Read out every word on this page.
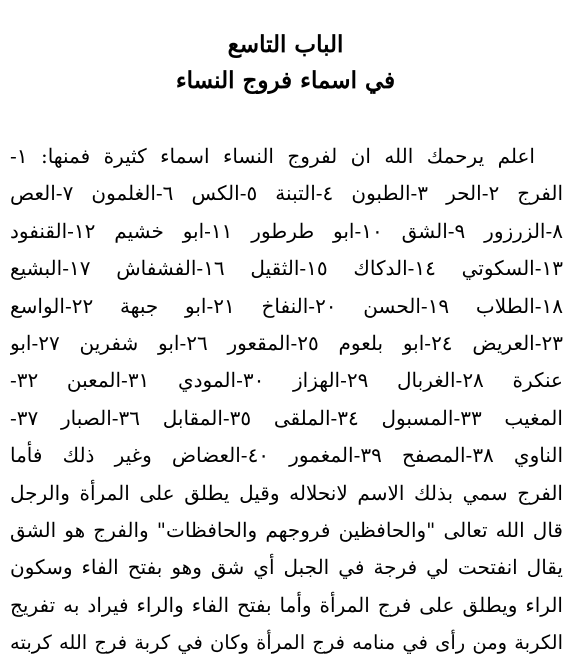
الباب التاسع
في اسماء فروج النساء
اعلم يرحمك الله ان لفروج النساء اسماء كثيرة فمنها: ١-
الفرج ٢-الحر ٣-الطبون ٤-التبنة ٥-الكس ٦-الغلمون ٧-العص
٨-الزرزور ٩-الشق ١٠-ابو طرطور ١١-ابو خشيم ١٢-القنفود
١٣-السكوتي ١٤-الدكاك ١٥-الثقيل ١٦-الفشفاش ١٧-البشيع
١٨-الطلاب ١٩-الحسن ٢٠-النفاخ ٢١-ابو جبهة ٢٢-الواسع
٢٣-العريض ٢٤-ابو بلعوم ٢٥-المقعور ٢٦-ابو شفرين ٢٧-ابو
عنكرة ٢٨-الغربال ٢٩-الهزاز ٣٠-المودي ٣١-المعبن ٣٢-
المغيب ٣٣-المسبول ٣٤-الملقى ٣٥-المقابل ٣٦-الصبار ٣٧-
الناوي ٣٨-المصفح ٣٩-المغمور ٤٠-العضاض وغير ذلك فأما
الفرج سمي بذلك الاسم لانحلاله وقيل يطلق على المرأة والرجل
قال الله تعالى "والحافظين فروجهم والحافظات" والفرج هو الشق
يقال انفتحت لي فرجة في الجبل أي شق وهو بفتح الفاء وسكون
الراء ويطلق على فرج المرأة وأما بفتح الفاء والراء فيراد به تفريج
الكربة ومن رأى في منامه فرج المرأة وكان في كربة فرج الله كربته
